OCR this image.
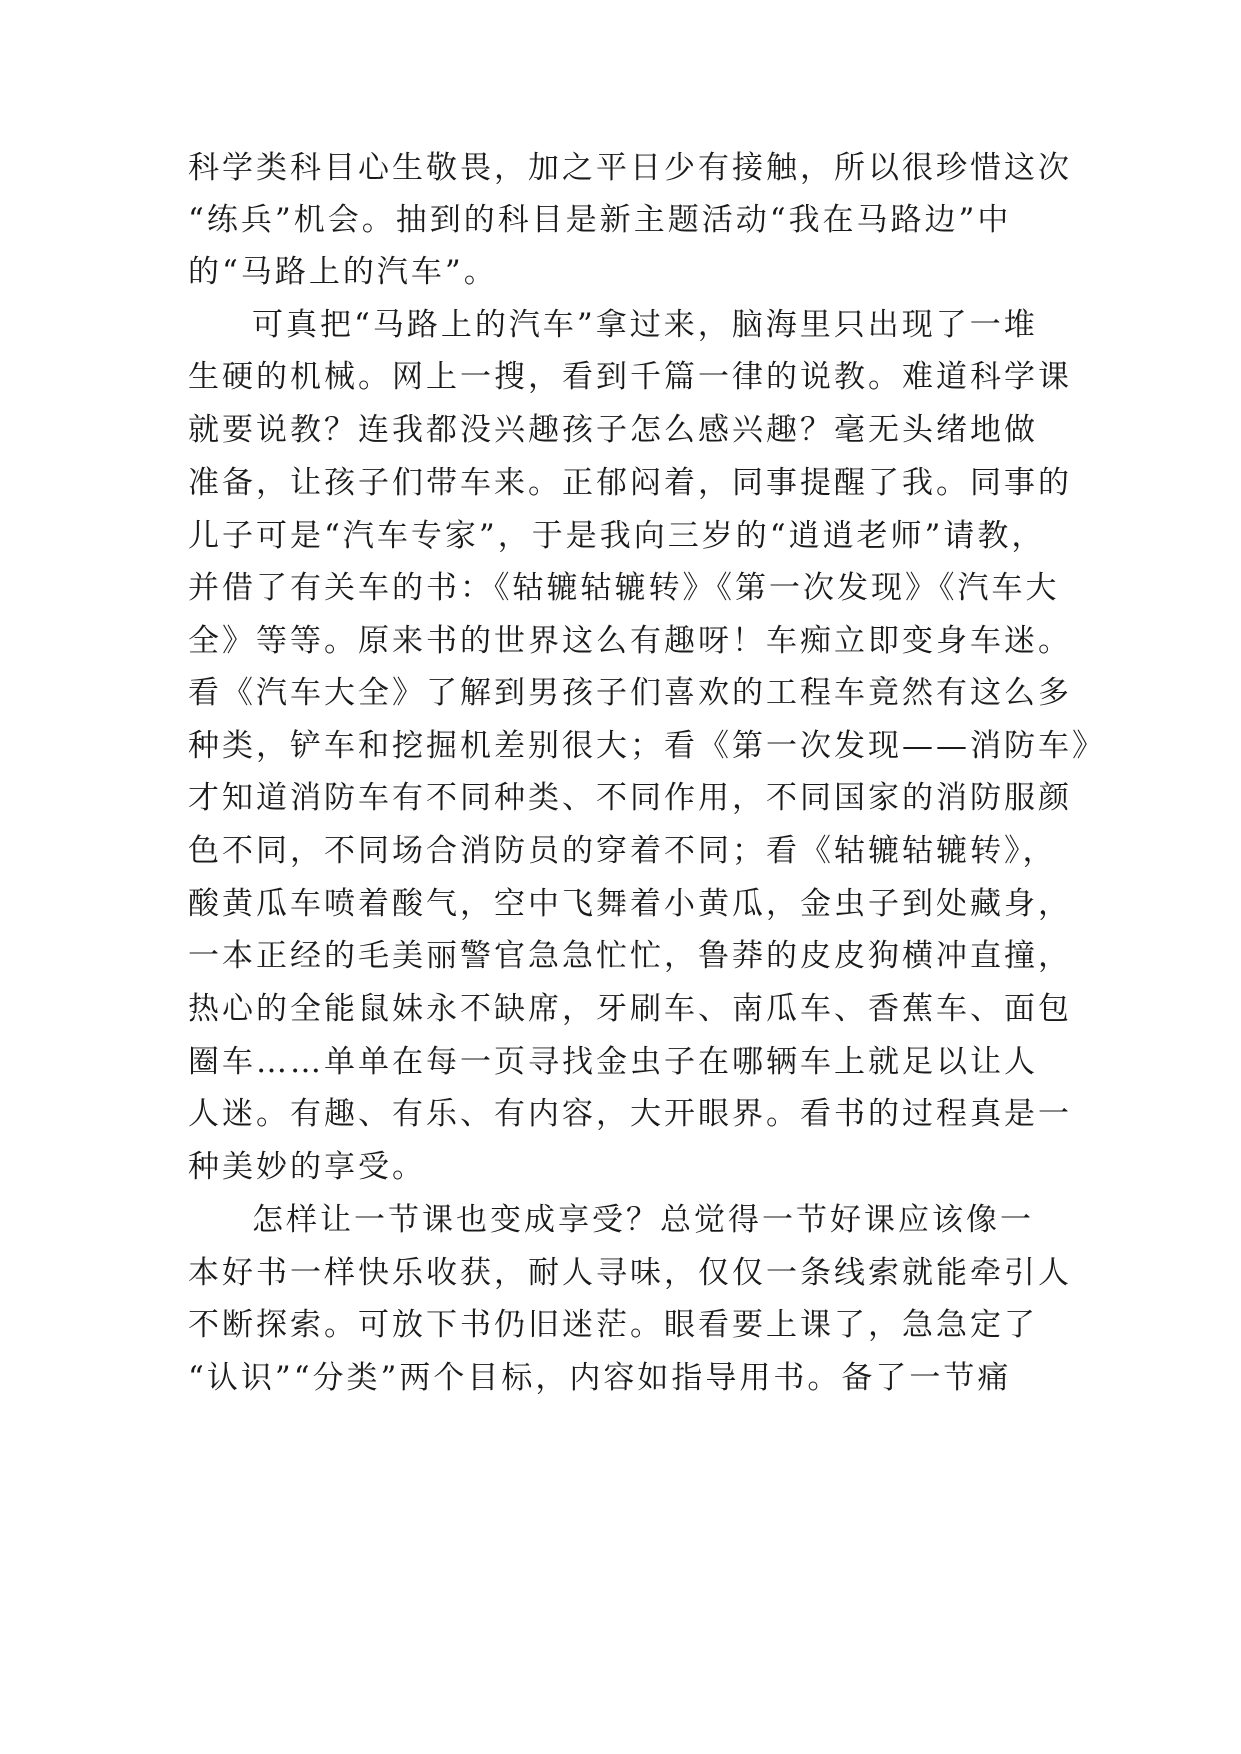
科学类科目心生敬畏，加之平日少有接触，所以很珍惜这次
“练兵”机会。抽到的科目是新主题活动“我在马路边”中
的“马路上的汽车”。
可真把“马路上的汽车”拿过来，脑海里只出现了一堆
生硬的机械。网上一搜，看到千篇一律的说教。难道科学课
就要说教？连我都没兴趣孩子怎么感兴趣？毫无头绪地做
准备，让孩子们带车来。正郁闷着，同事提醒了我。同事的
儿子可是“汽车专家”，于是我向三岁的“逍逍老师”请教，
并借了有关车的书：《轱辘轱辘转》《第一次发现》《汽车大
全》等等。原来书的世界这么有趣呀！车痴立即变身车迷。
看《汽车大全》了解到男孩子们喜欢的工程车竟然有这么多
种类，铲车和挖掘机差别很大；看《第一次发现——消防车》
才知道消防车有不同种类、不同作用，不同国家的消防服颜
色不同，不同场合消防员的穿着不同；看《轱辘轱辘转》，
酸黄瓜车喷着酸气，空中飞舞着小黄瓜，金虫子到处藏身，
一本正经的毛美丽警官急急忙忙，鲁莽的皮皮狗横冲直撞，
热心的全能鼠妹永不缺席，牙刷车、南瓜车、香蕉车、面包
圈车……单单在每一页寻找金虫子在哪辆车上就足以让人
人迷。有趣、有乐、有内容，大开眼界。看书的过程真是一
种美妙的享受。
怎样让一节课也变成享受？总觉得一节好课应该像一
本好书一样快乐收获，耐人寻味，仅仅一条线索就能牵引人
不断探索。可放下书仍旧迷茫。眼看要上课了，急急定了
“认识”“分类”两个目标，内容如指导用书。备了一节痛
